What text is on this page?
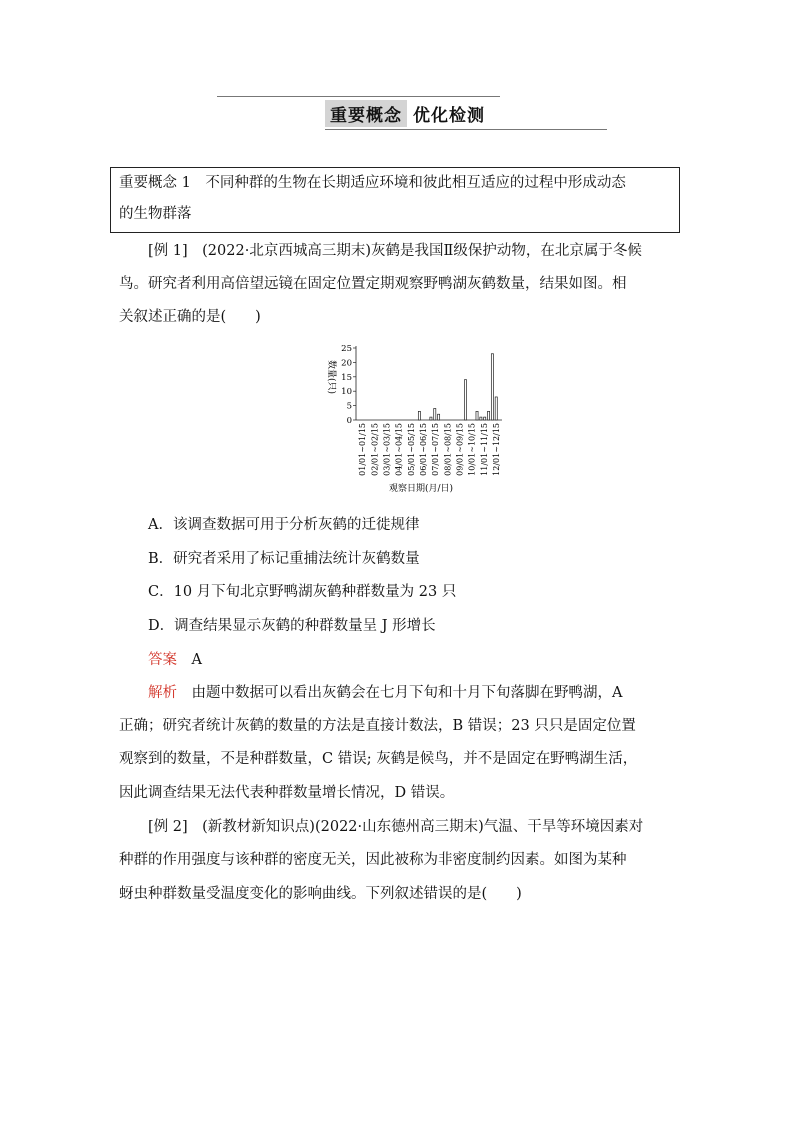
重要概念 优化检测
重要概念 1　不同种群的生物在长期适应环境和彼此相互适应的过程中形成动态
的生物群落
[例 1]　(2022·北京西城高三期末)灰鹤是我国Ⅱ级保护动物，在北京属于冬候
鸟。研究者利用高倍望远镜在固定位置定期观察野鸭湖灰鹤数量，结果如图。相
关叙述正确的是(　　)
0
5
10
15
20
25
01/01~01/15 02/01~02/15 03/01~03/15 04/01~04/15 05/01~05/15 06/01~06/15 07/01~07/15 08/01~08/15 09/01~09/15 10/01~10/15 11/01~11/15 12/01~12/15
数量(只)
观察日期(月/日)
A．该调查数据可用于分析灰鹤的迁徙规律
B．研究者采用了标记重捕法统计灰鹤数量
C．10 月下旬北京野鸭湖灰鹤种群数量为 23 只
D．调查结果显示灰鹤的种群数量呈 J 形增长
答案　 A
解析　 由题中数据可以看出灰鹤会在七月下旬和十月下旬落脚在野鸭湖，A
正确；研究者统计灰鹤的数量的方法是直接计数法，B 错误；23 只只是固定位置
观察到的数量，不是种群数量，C 错误; 灰鹤是候鸟，并不是固定在野鸭湖生活，
因此调查结果无法代表种群数量增长情况，D 错误。
[例 2]　(新教材新知识点)(2022·山东德州高三期末)气温、干旱等环境因素对
种群的作用强度与该种群的密度无关，因此被称为非密度制约因素。如图为某种
蚜虫种群数量受温度变化的影响曲线。下列叙述错误的是(　　)
